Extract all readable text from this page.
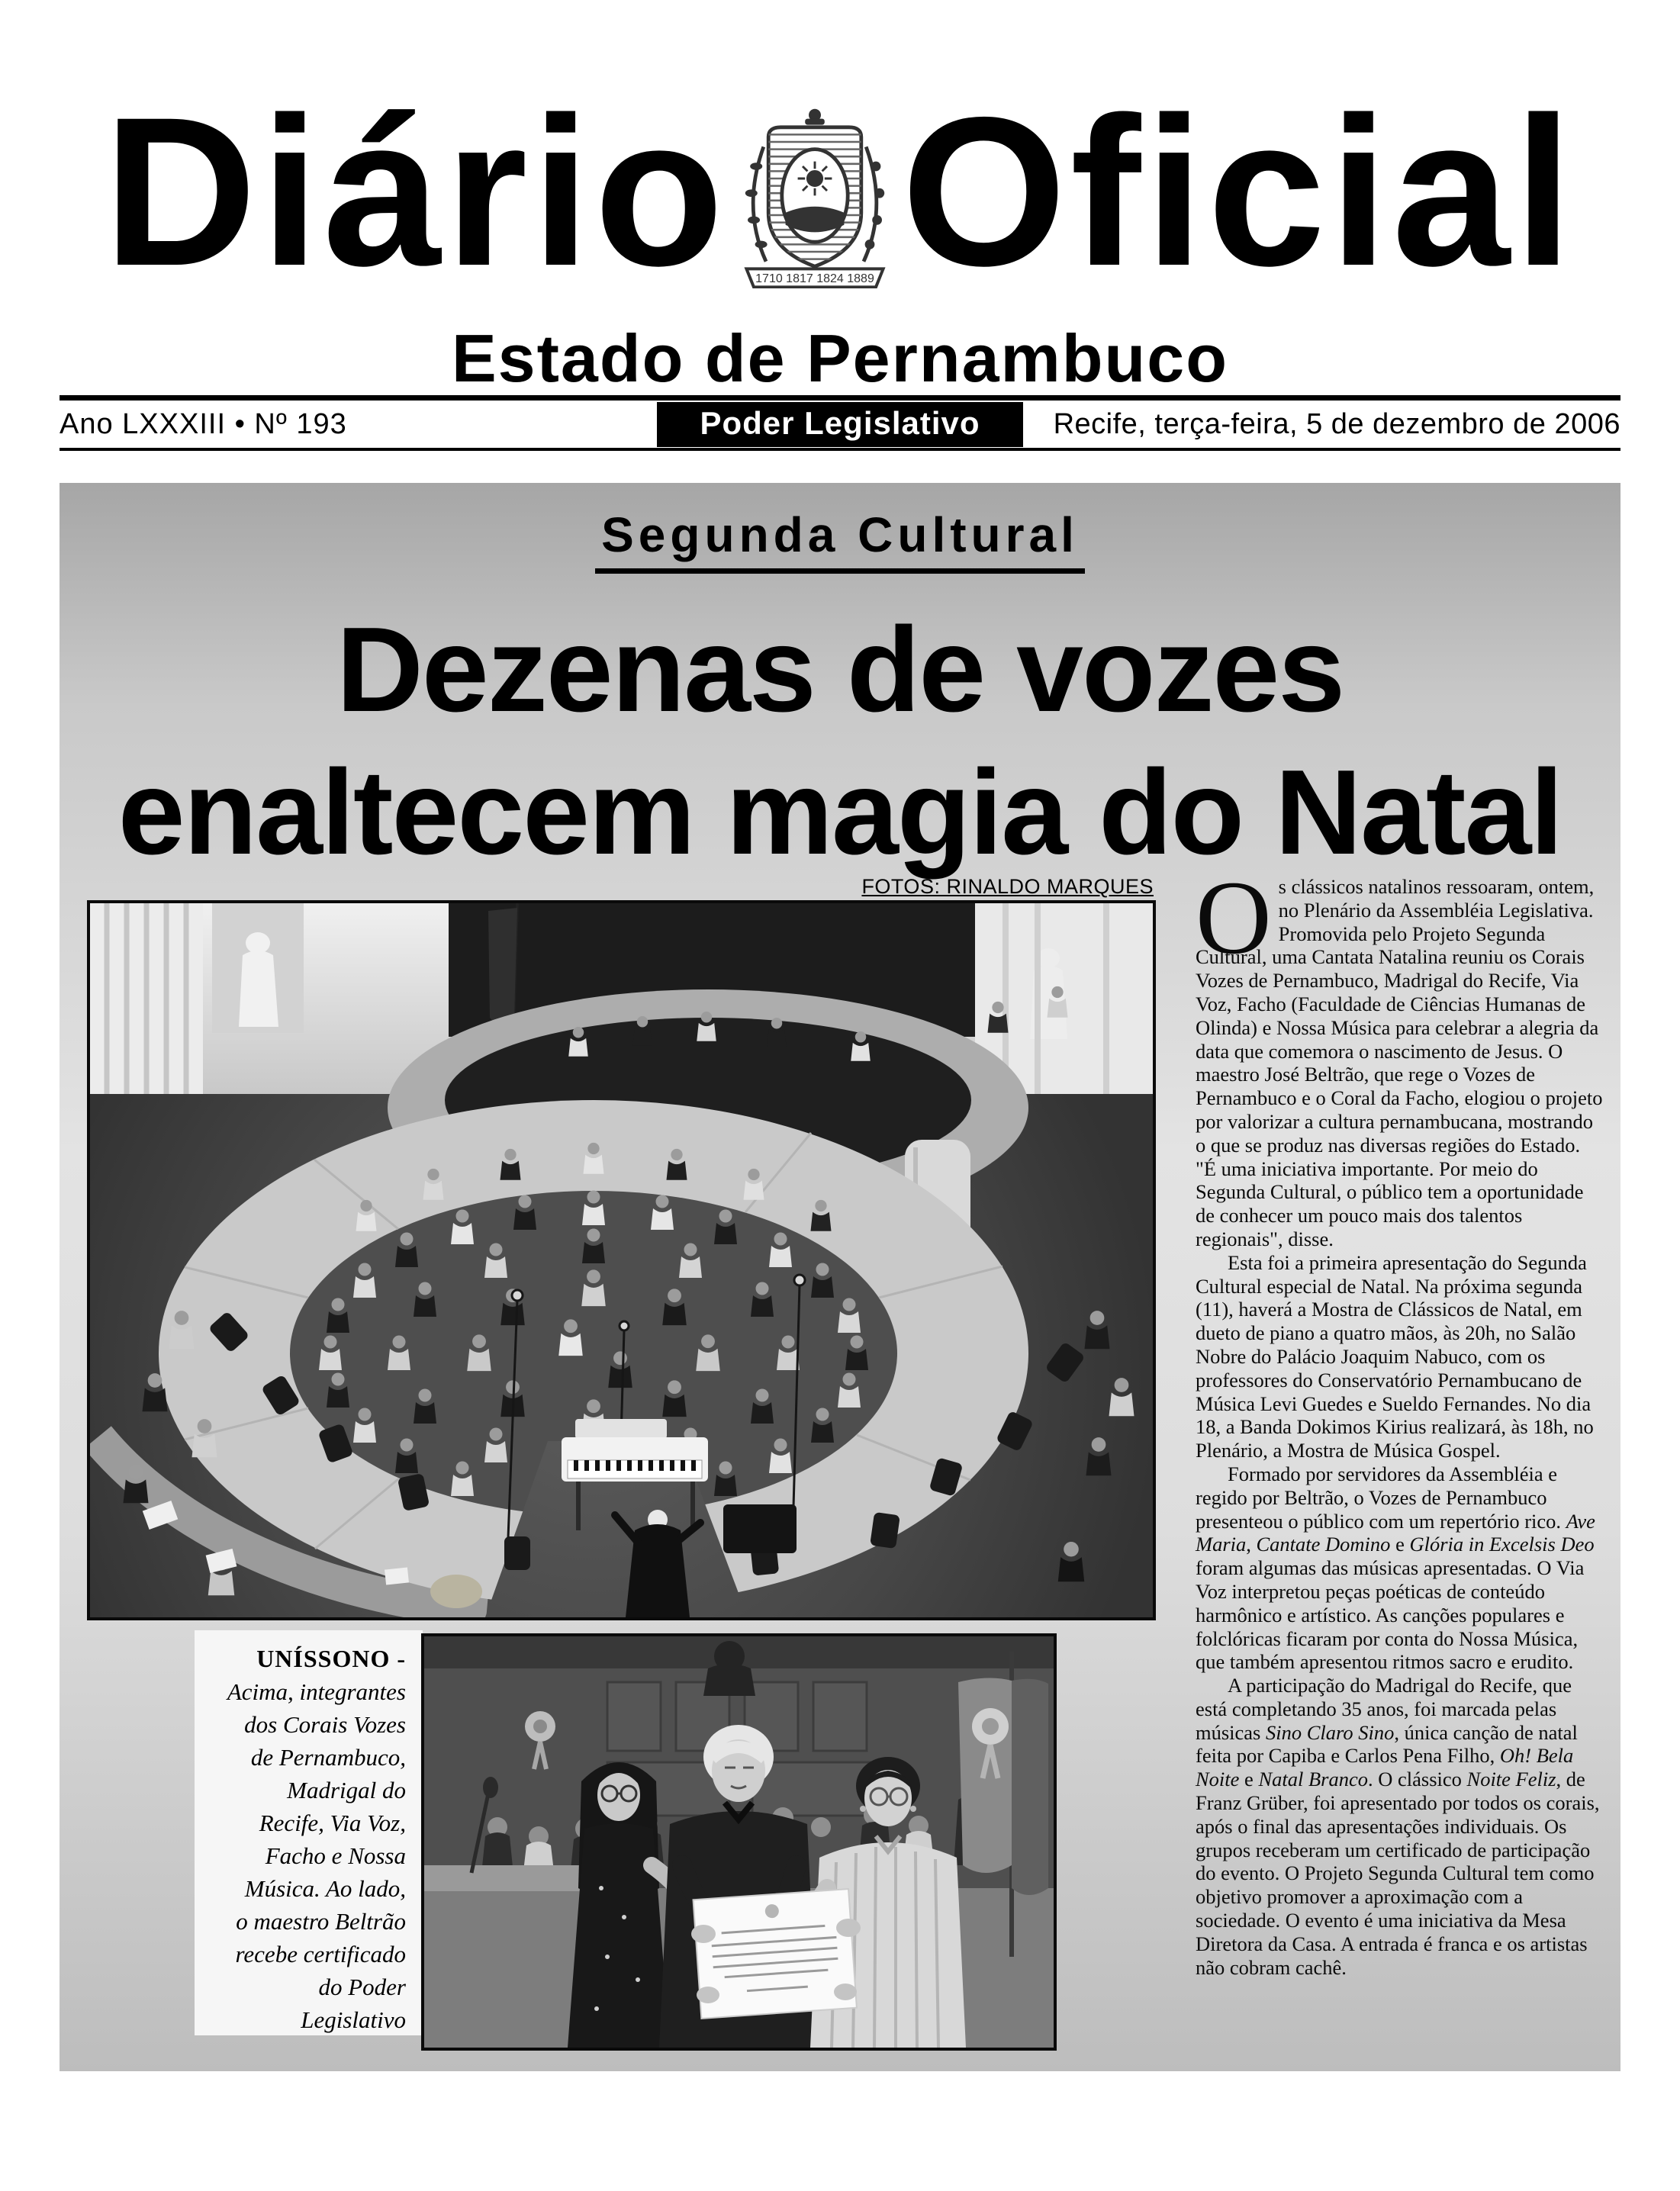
Diário	1710 1817 1824 1889 Oficial
Estado de Pernambuco
Ano LXXXIII • Nº 193	Poder Legislativo	Recife, terça-feira, 5 de dezembro de 2006
Segunda Cultural
Dezenas de vozes
enaltecem magia do Natal
FOTOS: RINALDO MARQUES
UNÍSSONO -
Acima, integrantes
dos Corais Vozes
de Pernambuco,
Madrigal do
Recife, Via Voz,
Facho e Nossa
Música. Ao lado,
o maestro Beltrão
recebe certificado
do Poder
Legislativo

Os clássicos natalinos ressoaram, ontem, no Plenário da Assembléia Legislativa. Promovida pelo Projeto Segunda Cultural, uma Cantata Natalina reuniu os Corais Vozes de Pernambuco, Madrigal do Recife, Via Voz, Facho (Faculdade de Ciências Humanas de Olinda) e Nossa Música para celebrar a alegria da data que comemora o nascimento de Jesus. O maestro José Beltrão, que rege o Vozes de Pernambuco e o Coral da Facho, elogiou o projeto por valorizar a cultura pernambucana, mostrando o que se produz nas diversas regiões do Estado. "É uma iniciativa importante. Por meio do Segunda Cultural, o público tem a oportunidade de conhecer um pouco mais dos talentos regionais", disse.

Esta foi a primeira apresentação do Segunda Cultural especial de Natal. Na próxima segunda (11), haverá a Mostra de Clássicos de Natal, em dueto de piano a quatro mãos, às 20h, no Salão Nobre do Palácio Joaquim Nabuco, com os professores do Conservatório Pernambucano de Música Levi Guedes e Sueldo Fernandes. No dia 18, a Banda Dokimos Kirius realizará, às 18h, no Plenário, a Mostra de Música Gospel.

Formado por servidores da Assembléia e regido por Beltrão, o Vozes de Pernambuco presenteou o público com um repertório rico. Ave Maria, Cantate Domino e Glória in Excelsis Deo foram algumas das músicas apresentadas. O Via Voz interpretou peças poéticas de conteúdo harmônico e artístico. As canções populares e folclóricas ficaram por conta do Nossa Música, que também apresentou ritmos sacro e erudito.

A participação do Madrigal do Recife, que está completando 35 anos, foi marcada pelas músicas Sino Claro Sino, única canção de natal feita por Capiba e Carlos Pena Filho, Oh! Bela Noite e Natal Branco. O clássico Noite Feliz, de Franz Grüber, foi apresentado por todos os corais, após o final das apresentações individuais. Os grupos receberam um certificado de participação do evento. O Projeto Segunda Cultural tem como objetivo promover a aproximação com a sociedade. O evento é uma iniciativa da Mesa Diretora da Casa. A entrada é franca e os artistas não cobram cachê.
